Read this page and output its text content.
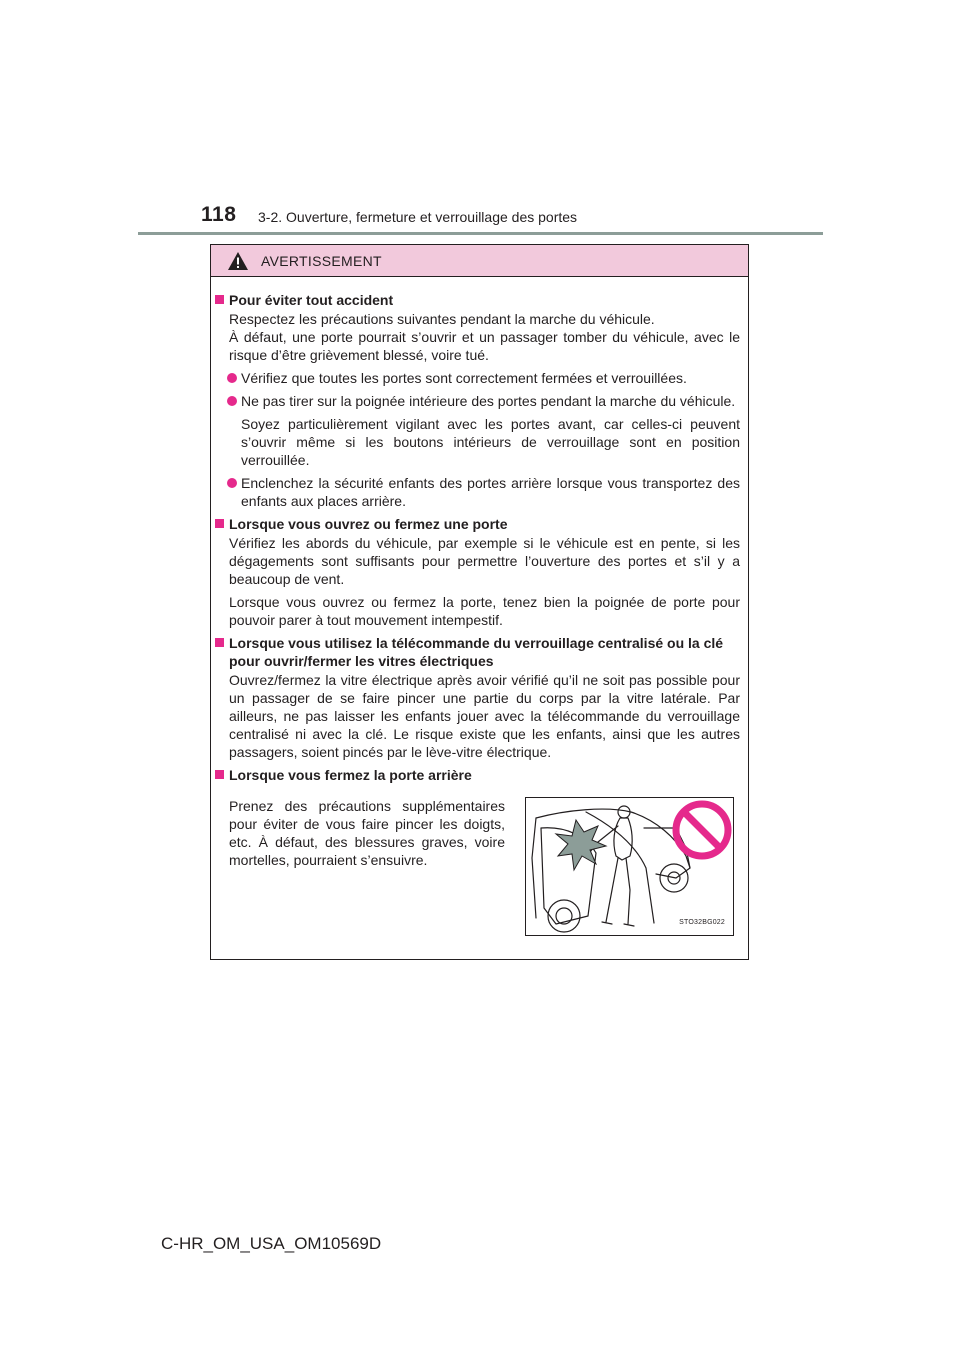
118 3-2. Ouverture, fermeture et verrouillage des portes
AVERTISSEMENT
Pour éviter tout accident
Respectez les précautions suivantes pendant la marche du véhicule.
À défaut, une porte pourrait s’ouvrir et un passager tomber du véhicule, avec le risque d’être grièvement blessé, voire tué.
Vérifiez que toutes les portes sont correctement fermées et verrouillées.
Ne pas tirer sur la poignée intérieure des portes pendant la marche du véhicule.
Soyez particulièrement vigilant avec les portes avant, car celles-ci peuvent s’ouvrir même si les boutons intérieurs de verrouillage sont en position verrouillée.
Enclenchez la sécurité enfants des portes arrière lorsque vous transportez des enfants aux places arrière.
Lorsque vous ouvrez ou fermez une porte
Vérifiez les abords du véhicule, par exemple si le véhicule est en pente, si les dégagements sont suffisants pour permettre l’ouverture des portes et s’il y a beaucoup de vent.
Lorsque vous ouvrez ou fermez la porte, tenez bien la poignée de porte pour pouvoir parer à tout mouvement intempestif.
Lorsque vous utilisez la télécommande du verrouillage centralisé ou la clé pour ouvrir/fermer les vitres électriques
Ouvrez/fermez la vitre électrique après avoir vérifié qu’il ne soit pas possible pour un passager de se faire pincer une partie du corps par la vitre latérale. Par ailleurs, ne pas laisser les enfants jouer avec la télécommande du verrouillage centralisé ni avec la clé. Le risque existe que les enfants, ainsi que les autres passagers, soient pincés par le lève-vitre électrique.
Lorsque vous fermez la porte arrière
Prenez des précautions supplémentaires pour éviter de vous faire pincer les doigts, etc. À défaut, des blessures graves, voire mortelles, pourraient s’ensuivre.
STO32BG022
C-HR_OM_USA_OM10569D
